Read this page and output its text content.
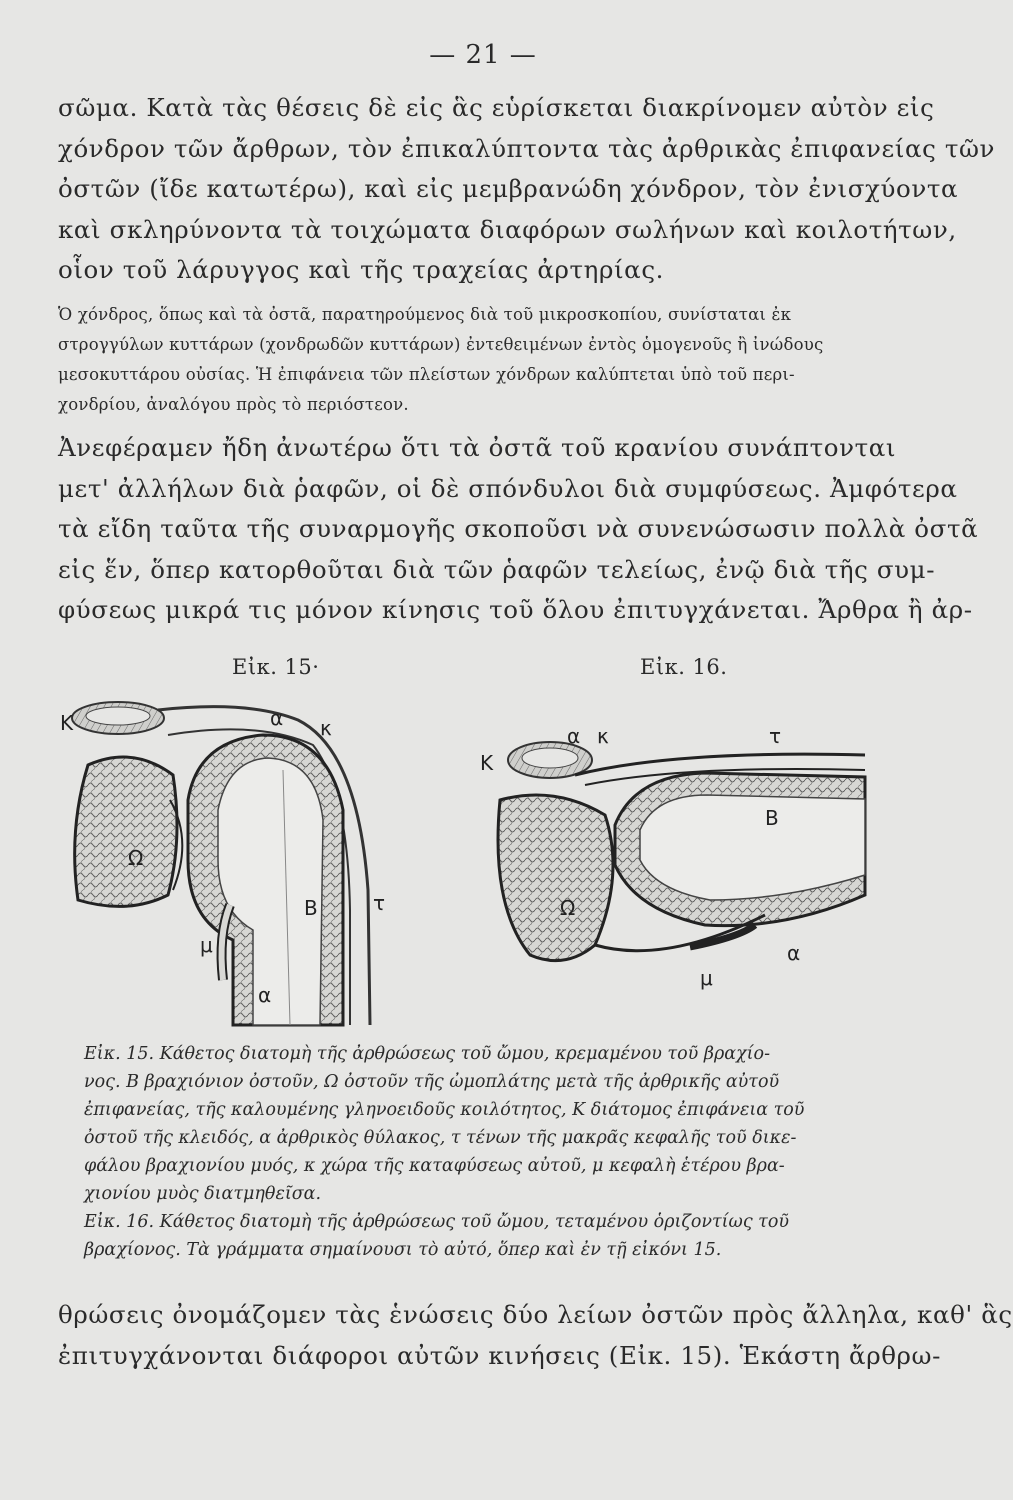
— 21 —
σῶμα. Κατὰ τὰς θέσεις δὲ εἰς ἃς εὑρίσκεται διακρίνομεν αὐτὸν εἰς
χόνδρον τῶν ἄρθρων, τὸν ἐπικαλύπτοντα τὰς ἀρθρικὰς ἐπιφανείας τῶν
ὀστῶν (ἴδε κατωτέρω), καὶ εἰς μεμβρανώδη χόνδρον, τὸν ἐνισχύοντα
καὶ σκληρύνοντα τὰ τοιχώματα διαφόρων σωλήνων καὶ κοιλοτήτων,
οἷον τοῦ λάρυγγος καὶ τῆς τραχείας ἀρτηρίας.
Ὁ χόνδρος, ὅπως καὶ τὰ ὀστᾶ, παρατηρούμενος διὰ τοῦ μικροσκοπίου, συνίσταται ἐκ
στρογγύλων κυττάρων (χονδρωδῶν κυττάρων) ἐντεθειμένων ἐντὸς ὁμογενοῦς ἢ ἰνώδους
μεσοκυττάρου οὐσίας. Ἡ ἐπιφάνεια τῶν πλείστων χόνδρων καλύπτεται ὑπὸ τοῦ περι-
χονδρίου, ἀναλόγου πρὸς τὸ περιόστεον.
Ἀνεφέραμεν ἤδη ἀνωτέρω ὅτι τὰ ὀστᾶ τοῦ κρανίου συνάπτονται
μετ' ἀλλήλων διὰ ῥαφῶν, οἱ δὲ σπόνδυλοι διὰ συμφύσεως. Ἀμφότερα
τὰ εἴδη ταῦτα τῆς συναρμογῆς σκοποῦσι νὰ συνενώσωσιν πολλὰ ὀστᾶ
εἰς ἕν, ὅπερ κατορθοῦται διὰ τῶν ῥαφῶν τελείως, ἐνῷ διὰ τῆς συμ-
φύσεως μικρά τις μόνον κίνησις τοῦ ὅλου ἐπιτυγχάνεται. Ἄρθρα ἢ ἀρ-
Εἰκ. 15·	Εἰκ. 16.
K	α κ
Ω
B	τ
μ
α
α κ	τ
K
B
Ω
α
μ
Εἰκ. 15. Κάθετος διατομὴ τῆς ἀρθρώσεως τοῦ ὤμου, κρεμαμένου τοῦ βραχίο-
νος. B βραχιόνιον ὀστοῦν, Ω ὀστοῦν τῆς ὠμοπλάτης μετὰ τῆς ἀρθρικῆς αὐτοῦ
ἐπιφανείας, τῆς καλουμένης γληνοειδοῦς κοιλότητος, K διάτομος ἐπιφάνεια τοῦ
ὀστοῦ τῆς κλειδός, α ἀρθρικὸς θύλακος, τ τένων τῆς μακρᾶς κεφαλῆς τοῦ δικε-
φάλου βραχιονίου μυός, κ χώρα τῆς καταφύσεως αὐτοῦ, μ κεφαλὴ ἑτέρου βρα-
χιονίου μυὸς διατμηθεῖσα.
Εἰκ. 16. Κάθετος διατομὴ τῆς ἀρθρώσεως τοῦ ὤμου, τεταμένου ὁριζοντίως τοῦ
βραχίονος. Τὰ γράμματα σημαίνουσι τὸ αὐτό, ὅπερ καὶ ἐν τῇ εἰκόνι 15.
θρώσεις ὀνομάζομεν τὰς ἑνώσεις δύο λείων ὀστῶν πρὸς ἄλληλα, καθ' ἃς
ἐπιτυγχάνονται διάφοροι αὐτῶν κινήσεις (Εἰκ. 15). Ἑκάστη ἄρθρω-
